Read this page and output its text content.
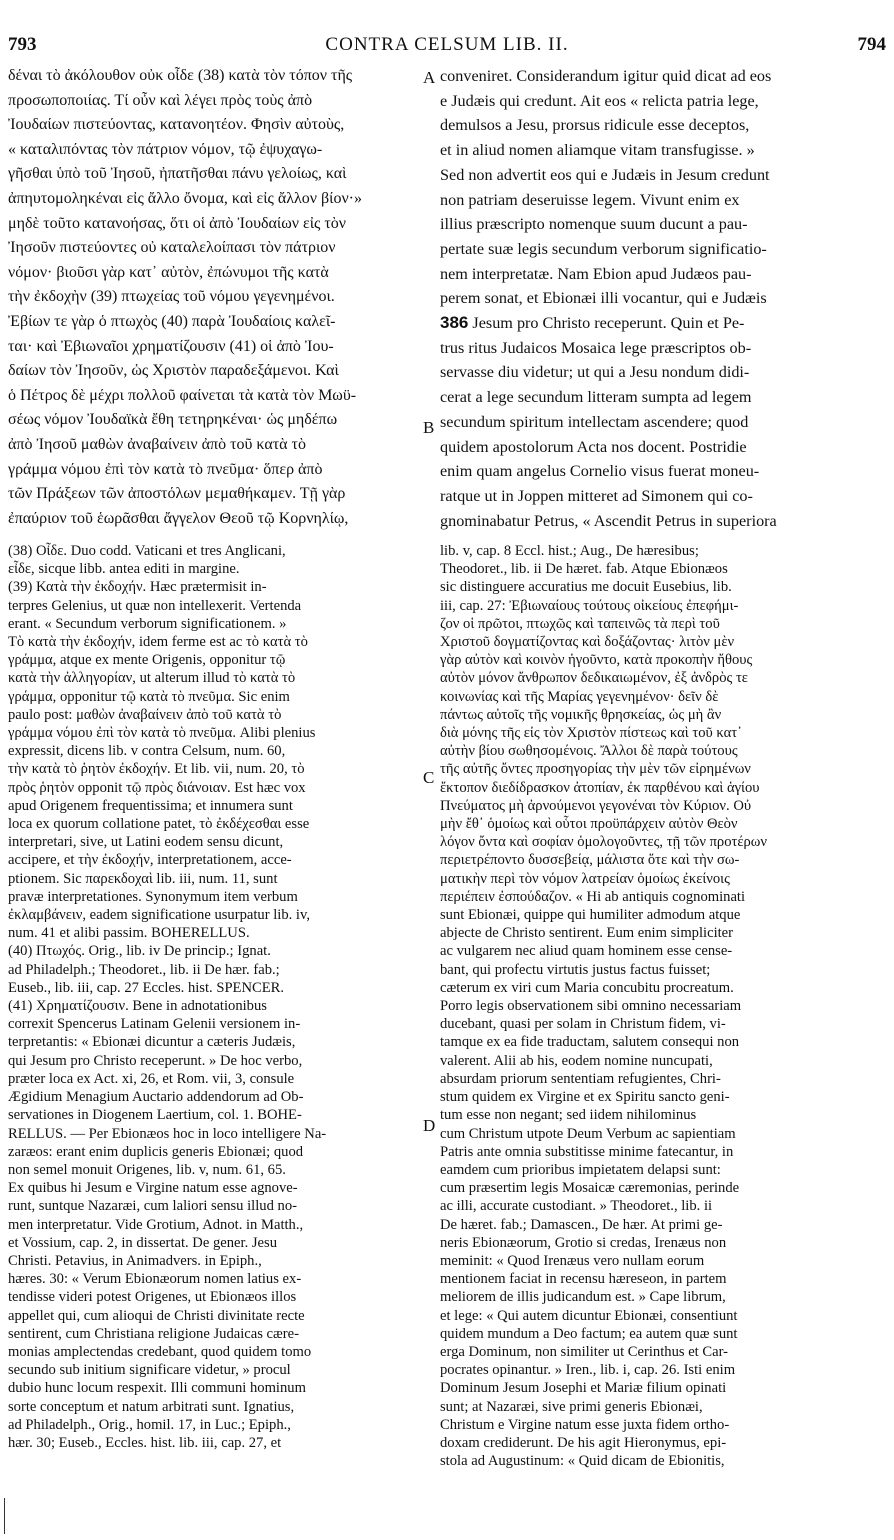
793	CONTRA CELSUM LIB. II.	794
A
B
C
D
δέναι τὸ ἀκόλουθον οὐκ οἶδε (38) κατὰ τὸν τόπον τῆς
προσωποποιίας. Τί οὖν καὶ λέγει πρὸς τοὺς ἀπὸ
Ἰουδαίων πιστεύοντας, κατανοητέον. Φησὶν αὐτοὺς,
« καταλιπόντας τὸν πάτριον νόμον, τῷ ἐψυχαγω-
γῆσθαι ὑπὸ τοῦ Ἰησοῦ, ἠπατῆσθαι πάνυ γελοίως, καὶ
ἀπηυτομοληκέναι εἰς ἄλλο ὄνομα, καὶ εἰς ἄλλον βίον·»
μηδὲ τοῦτο κατανοήσας, ὅτι οἱ ἀπὸ Ἰουδαίων εἰς τὸν
Ἰησοῦν πιστεύοντες οὐ καταλελοίπασι τὸν πάτριον
νόμον· βιοῦσι γὰρ κατ᾽ αὐτὸν, ἐπώνυμοι τῆς κατὰ
τὴν ἐκδοχὴν (39) πτωχείας τοῦ νόμου γεγενημένοι.
Ἐβίων τε γὰρ ὁ πτωχὸς (40) παρὰ Ἰουδαίοις καλεῖ-
ται· καὶ Ἐβιωναῖοι χρηματίζουσιν (41) οἱ ἀπὸ Ἰου-
δαίων τὸν Ἰησοῦν, ὡς Χριστὸν παραδεξάμενοι. Καὶ
ὁ Πέτρος δὲ μέχρι πολλοῦ φαίνεται τὰ κατὰ τὸν Μωϋ-
σέως νόμον Ἰουδαϊκὰ ἔθη τετηρηκέναι· ὡς μηδέπω
ἀπὸ Ἰησοῦ μαθὼν ἀναβαίνειν ἀπὸ τοῦ κατὰ τὸ
γράμμα νόμου ἐπὶ τὸν κατὰ τὸ πνεῦμα· ὅπερ ἀπὸ
τῶν Πράξεων τῶν ἀποστόλων μεμαθήκαμεν. Τῇ γὰρ
ἐπαύριον τοῦ ἑωρᾶσθαι ἄγγελον Θεοῦ τῷ Κορνηλίῳ,
conveniret. Considerandum igitur quid dicat ad eos
e Judæis qui credunt. Ait eos « relicta patria lege,
demulsos a Jesu, prorsus ridicule esse deceptos,
et in aliud nomen aliamque vitam transfugisse. »
Sed non advertit eos qui e Judæis in Jesum credunt
non patriam deseruisse legem. Vivunt enim ex
illius præscripto nomenque suum ducunt a pau-
pertate suæ legis secundum verborum significatio-
nem interpretatæ. Nam Ebion apud Judæos pau-
perem sonat, et Ebionæi illi vocantur, qui e Judæis
386 Jesum pro Christo receperunt. Quin et Pe-
trus ritus Judaicos Mosaica lege præscriptos ob-
servasse diu videtur; ut qui a Jesu nondum didi-
cerat a lege secundum litteram sumpta ad legem
secundum spiritum intellectam ascendere; quod
quidem apostolorum Acta nos docent. Postridie
enim quam angelus Cornelio visus fuerat moneu-
ratque ut in Joppen mitteret ad Simonem qui co-
gnominabatur Petrus, « Ascendit Petrus in superiora
(38) Οἶδε. Duo codd. Vaticani et tres Anglicani,
εἶδε, sicque libb. antea editi in margine.
(39) Κατὰ τὴν ἐκδοχήν. Hæc prætermisit in-
terpres Gelenius, ut quæ non intellexerit. Vertenda
erant. « Secundum verborum significationem. »
Τὸ κατὰ τὴν ἐκδοχήν, idem ferme est ac τὸ κατὰ τὸ
γράμμα, atque ex mente Origenis, opponitur τῷ
κατὰ τὴν ἀλληγορίαν, ut alterum illud τὸ κατὰ τὸ
γράμμα, opponitur τῷ κατὰ τὸ πνεῦμα. Sic enim
paulo post: μαθὼν ἀναβαίνειν ἀπὸ τοῦ κατὰ τὸ
γράμμα νόμου ἐπὶ τὸν κατὰ τὸ πνεῦμα. Alibi plenius
expressit, dicens lib. v contra Celsum, num. 60,
τὴν κατὰ τὸ ῥητὸν ἐκδοχήν. Et lib. vii, num. 20, τὸ
πρὸς ῥητὸν opponit τῷ πρὸς διάνοιαν. Est hæc vox
apud Origenem frequentissima; et innumera sunt
loca ex quorum collatione patet, τὸ ἐκδέχεσθαι esse
interpretari, sive, ut Latini eodem sensu dicunt,
accipere, et τὴν ἐκδοχήν, interpretationem, acce-
ptionem. Sic παρεκδοχαὶ lib. iii, num. 11, sunt
pravæ interpretationes. Synonymum item verbum
ἐκλαμβάνειν, eadem significatione usurpatur lib. iv,
num. 41 et alibi passim. BOHERELLUS.
(40) Πτωχός. Orig., lib. iv De princip.; Ignat.
ad Philadelph.; Theodoret., lib. ii De hær. fab.;
Euseb., lib. iii, cap. 27 Eccles. hist. SPENCER.
(41) Χρηματίζουσιν. Bene in adnotationibus
correxit Spencerus Latinam Gelenii versionem in-
terpretantis: « Ebionæi dicuntur a cæteris Judæis,
qui Jesum pro Christo receperunt. » De hoc verbo,
præter loca ex Act. xi, 26, et Rom. vii, 3, consule
Ægidium Menagium Auctario addendorum ad Ob-
servationes in Diogenem Laertium, col. 1. BOHE-
RELLUS. — Per Ebionæos hoc in loco intelligere Na-
zaræos: erant enim duplicis generis Ebionæi; quod
non semel monuit Origenes, lib. v, num. 61, 65.
Ex quibus hi Jesum e Virgine natum esse agnove-
runt, suntque Nazaræi, cum laliori sensu illud no-
men interpretatur. Vide Grotium, Adnot. in Matth.,
et Vossium, cap. 2, in dissertat. De gener. Jesu
Christi. Petavius, in Animadvers. in Epiph.,
hæres. 30: « Verum Ebionæorum nomen latius ex-
tendisse videri potest Origenes, ut Ebionæos illos
appellet qui, cum alioqui de Christi divinitate recte
sentirent, cum Christiana religione Judaicas cære-
monias amplectendas credebant, quod quidem tomo
secundo sub initium significare videtur, » procul
dubio hunc locum respexit. Illi communi hominum
sorte conceptum et natum arbitrati sunt. Ignatius,
ad Philadelph., Orig., homil. 17, in Luc.; Epiph.,
hær. 30; Euseb., Eccles. hist. lib. iii, cap. 27, et
lib. v, cap. 8 Eccl. hist.; Aug., De hæresibus;
Theodoret., lib. ii De hæret. fab. Atque Ebionæos
sic distinguere accuratius me docuit Eusebius, lib.
iii, cap. 27: Ἐβιωναίους τούτους οἰκείους ἐπεφήμι-
ζον οἱ πρῶτοι, πτωχῶς καὶ ταπεινῶς τὰ περὶ τοῦ
Χριστοῦ δογματίζοντας καὶ δοξάζοντας· λιτὸν μὲν
γὰρ αὐτὸν καὶ κοινὸν ἡγοῦντο, κατὰ προκοπὴν ἤθους
αὐτὸν μόνον ἄνθρωπον δεδικαιωμένον, ἐξ ἀνδρὸς τε
κοινωνίας καὶ τῆς Μαρίας γεγενημένον· δεῖν δὲ
πάντως αὐτοῖς τῆς νομικῆς θρησκείας, ὡς μὴ ἂν
διὰ μόνης τῆς εἰς τὸν Χριστὸν πίστεως καὶ τοῦ κατ᾽
αὐτὴν βίου σωθησομένοις. Ἄλλοι δὲ παρὰ τούτους
τῆς αὐτῆς ὄντες προσηγορίας τὴν μὲν τῶν εἰρημένων
ἔκτοπον διεδίδρασκον ἀτοπίαν, ἐκ παρθένου καὶ ἁγίου
Πνεύματος μὴ ἀρνούμενοι γεγονέναι τὸν Κύριον. Οὐ
μὴν ἔθ᾽ ὁμοίως καὶ οὗτοι προϋπάρχειν αὐτὸν Θεὸν
λόγον ὄντα καὶ σοφίαν ὁμολογοῦντες, τῇ τῶν προτέρων
περιετρέποντο δυσσεβείᾳ, μάλιστα ὅτε καὶ τὴν σω-
ματικὴν περὶ τὸν νόμον λατρείαν ὁμοίως ἐκείνοις
περιέπειν ἐσπούδαζον. « Hi ab antiquis cognominati
sunt Ebionæi, quippe qui humiliter admodum atque
abjecte de Christo sentirent. Eum enim simpliciter
ac vulgarem nec aliud quam hominem esse cense-
bant, qui profectu virtutis justus factus fuisset;
cæterum ex viri cum Maria concubitu procreatum.
Porro legis observationem sibi omnino necessariam
ducebant, quasi per solam in Christum fidem, vi-
tamque ex ea fide traductam, salutem consequi non
valerent. Alii ab his, eodem nomine nuncupati,
absurdam priorum sententiam refugientes, Chri-
stum quidem ex Virgine et ex Spiritu sancto geni-
tum esse non negant; sed iidem nihilominus
cum Christum utpote Deum Verbum ac sapientiam
Patris ante omnia substitisse minime fatecantur, in
eamdem cum prioribus impietatem delapsi sunt:
cum præsertim legis Mosaicæ cæremonias, perinde
ac illi, accurate custodiant. » Theodoret., lib. ii
De hæret. fab.; Damascen., De hær. At primi ge-
neris Ebionæorum, Grotio si credas, Irenæus non
meminit: « Quod Irenæus vero nullam eorum
mentionem faciat in recensu hæreseon, in partem
meliorem de illis judicandum est. » Cape librum,
et lege: « Qui autem dicuntur Ebionæi, consentiunt
quidem mundum a Deo factum; ea autem quæ sunt
erga Dominum, non similiter ut Cerinthus et Car-
pocrates opinantur. » Iren., lib. i, cap. 26. Isti enim
Dominum Jesum Josephi et Mariæ filium opinati
sunt; at Nazaræi, sive primi generis Ebionæi,
Christum e Virgine natum esse juxta fidem ortho-
doxam crediderunt. De his agit Hieronymus, epi-
stola ad Augustinum: « Quid dicam de Ebionitis,
